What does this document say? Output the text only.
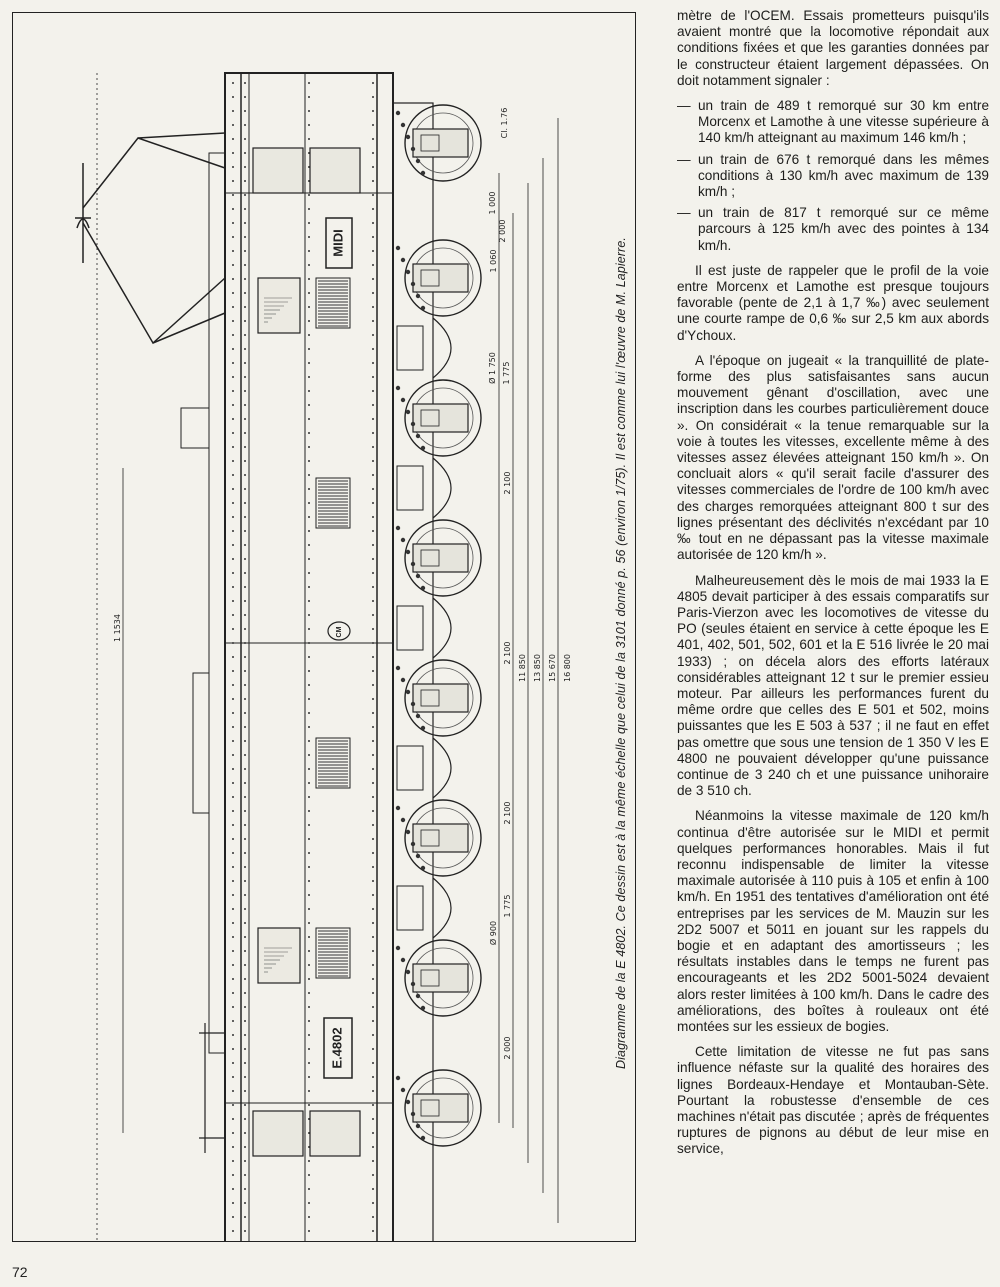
MIDI
E.4802
CM
Cl. 1.76
1 000
2 000
1 060
Ø 1 750 1 775
2 100
2 100
2 100
1 775
Ø 900
2 000
11 850 13 850 15 670 16 800
1 1534	Diagramme de la E 4802. Ce dessin est à la même échelle que celui de la 3101 donné p. 56 (environ 1/75). Il est comme lui l'œuvre de M. Lapierre.

mètre de l'OCEM. Essais prometteurs puisqu'ils avaient montré que la locomotive répondait aux conditions fixées et que les garanties données par le constructeur étaient largement dépassées. On doit notamment signaler :

— un train de 489 t remorqué sur 30 km entre Morcenx et Lamothe à une vitesse supérieure à 140 km/h atteignant au maximum 146 km/h ;
— un train de 676 t remorqué dans les mêmes conditions à 130 km/h avec maximum de 139 km/h ;
— un train de 817 t remorqué sur ce même parcours à 125 km/h avec des pointes à 134 km/h.

Il est juste de rappeler que le profil de la voie entre Morcenx et Lamothe est presque toujours favorable (pente de 2,1 à 1,7 ‰) avec seulement une courte rampe de 0,6 ‰ sur 2,5 km aux abords d'Ychoux.

A l'époque on jugeait « la tranquillité de plate-forme des plus satisfaisantes sans aucun mouvement gênant d'oscillation, avec une inscription dans les courbes particulièrement douce ». On considérait « la tenue remarquable sur la voie à toutes les vitesses, excellente même à des vitesses assez élevées atteignant 150 km/h ». On concluait alors « qu'il serait facile d'assurer des vitesses commerciales de l'ordre de 100 km/h avec des charges remorquées atteignant 800 t sur des lignes présentant des déclivités n'excédant par 10 ‰ tout en ne dépassant pas la vitesse maximale autorisée de 120 km/h ».

Malheureusement dès le mois de mai 1933 la E 4805 devait participer à des essais comparatifs sur Paris-Vierzon avec les locomotives de vitesse du PO (seules étaient en service à cette époque les E 401, 402, 501, 502, 601 et la E 516 livrée le 20 mai 1933) ; on décela alors des efforts latéraux considérables atteignant 12 t sur le premier essieu moteur. Par ailleurs les performances furent du même ordre que celles des E 501 et 502, moins puissantes que les E 503 à 537 ; il ne faut en effet pas omettre que sous une tension de 1 350 V les E 4800 ne pouvaient développer qu'une puissance continue de 3 240 ch et une puissance unihoraire de 3 510 ch.

Néanmoins la vitesse maximale de 120 km/h continua d'être autorisée sur le MIDI et permit quelques performances honorables. Mais il fut reconnu indispensable de limiter la vitesse maximale autorisée à 110 puis à 105 et enfin à 100 km/h. En 1951 des tentatives d'amélioration ont été entreprises par les services de M. Mauzin sur les 2D2 5007 et 5011 en jouant sur les rappels du bogie et en adaptant des amortisseurs ; les résultats instables dans le temps ne furent pas encourageants et les 2D2 5001-5024 devaient alors rester limitées à 100 km/h. Dans le cadre des améliorations, des boîtes à rouleaux ont été montées sur les essieux de bogies.

Cette limitation de vitesse ne fut pas sans influence néfaste sur la qualité des horaires des lignes Bordeaux-Hendaye et Montauban-Sète. Pourtant la robustesse d'ensemble de ces machines n'était pas discutée ; après de fréquentes ruptures de pignons au début de leur mise en service,

72
